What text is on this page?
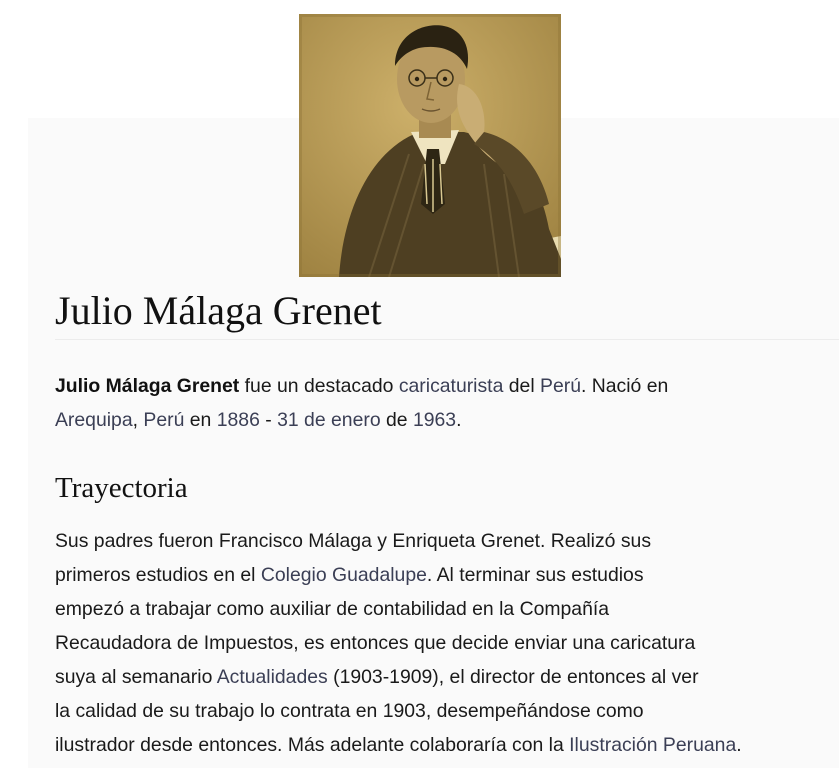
Julio Málaga Grenet

Julio Málaga Grenet fue un destacado caricaturista del Perú. Nació en
Arequipa, Perú en 1886 - 31 de enero de 1963.

Trayectoria

Sus padres fueron Francisco Málaga y Enriqueta Grenet. Realizó sus
primeros estudios en el Colegio Guadalupe. Al terminar sus estudios
empezó a trabajar como auxiliar de contabilidad en la Compañía
Recaudadora de Impuestos, es entonces que decide enviar una caricatura
suya al semanario Actualidades (1903-1909), el director de entonces al ver
la calidad de su trabajo lo contrata en 1903, desempeñándose como
ilustrador desde entonces. Más adelante colaboraría con la Ilustración Peruana.
